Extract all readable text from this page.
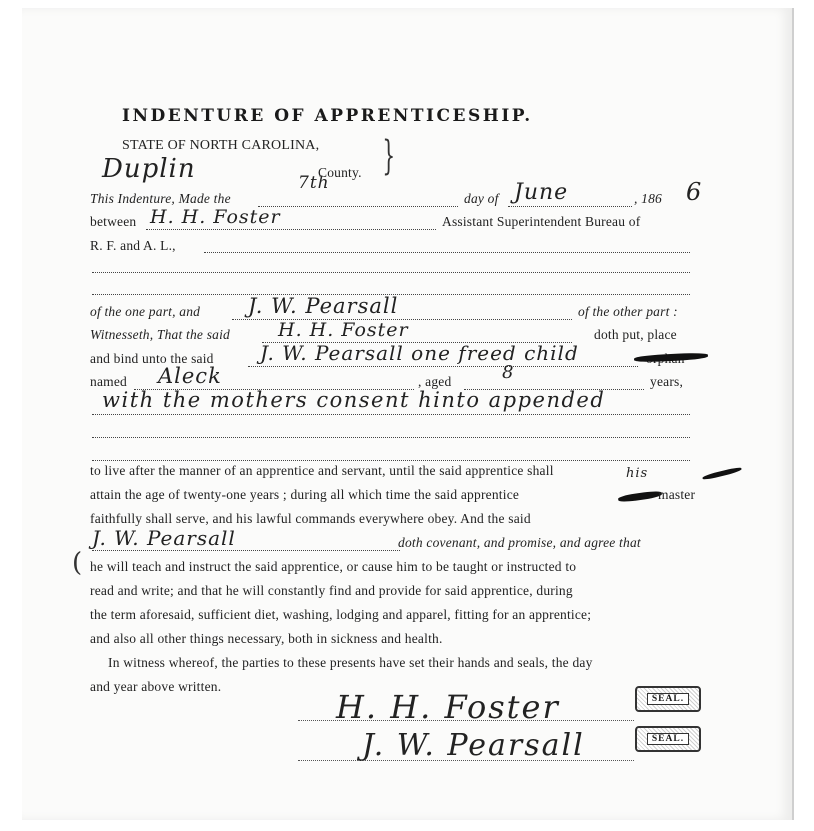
INDENTURE OF APPRENTICESHIP.
STATE OF NORTH CAROLINA, }
Duplin	County.
This Indenture, Made the
7th
day of June	, 186 6
between H. H. Foster	Assistant Superintendent Bureau of
R. F. and A. L.,
of the one part, and J. W. Pearsall	of the other part :
Witnesseth, That the said	H. H. Foster	doth put, place
and bind unto the said J. W. Pearsall one freed child
named Aleck	, aged	8	years,
with the mothers consent hinto appended
to live after the manner of an apprentice and servant, until the said apprentice shall
attain the age of twenty-one years ; during all which time the said apprentice
his
master
faithfully shall serve, and his lawful commands everywhere obey. And the said
J. W. Pearsall	doth covenant, and promise, and agree that
( he will teach and instruct the said apprentice, or cause him to be taught or instructed to
read and write; and that he will constantly find and provide for said apprentice, during
the term aforesaid, sufficient diet, washing, lodging and apparel, fitting for an apprentice;
and also all other things necessary, both in sickness and health.
In witness whereof, the parties to these presents have set their hands and seals, the day
and year above written.
H. H. Foster
J. W. Pearsall
SEAL.
SEAL.
